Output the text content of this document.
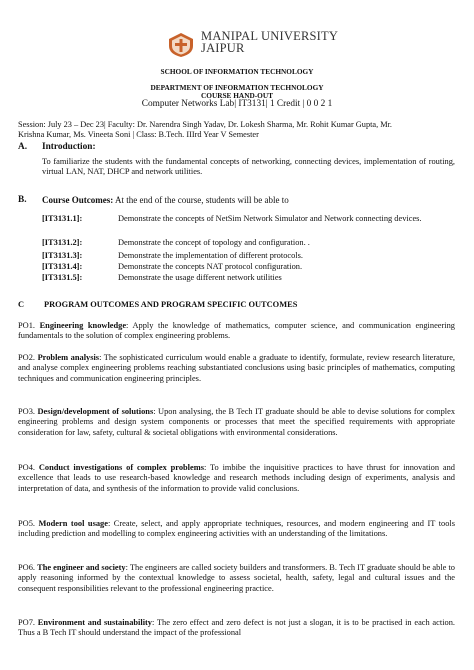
MANIPAL UNIVERSITY
JAIPUR
SCHOOL OF INFORMATION TECHNOLOGY
DEPARTMENT OF INFORMATION TECHNOLOGY
COURSE HAND-OUT
Computer Networks Lab| IT3131| 1 Credit | 0 0 2 1
Session: July 23 – Dec 23| Faculty: Dr. Narendra Singh Yadav, Dr. Lokesh Sharma, Mr. Rohit Kumar Gupta, Mr.
Krishna Kumar, Ms. Vineeta Soni | Class: B.Tech. IIIrd Year V Semester
A. Introduction:
To familiarize the students with the fundamental concepts of networking, connecting devices, implementation of routing, virtual LAN, NAT, DHCP and network utilities.
B. Course Outcomes: At the end of the course, students will be able to
[IT3131.1]:	Demonstrate the concepts of NetSim Network Simulator and Network connecting devices.
[IT3131.2]:	Demonstrate the concept of topology and configuration. .
[IT3131.3]:	Demonstrate the implementation of different protocols.
[IT3131.4]:	Demonstrate the concepts NAT protocol configuration.
[IT3131.5]:	Demonstrate the usage different network utilities
C PROGRAM OUTCOMES AND PROGRAM SPECIFIC OUTCOMES
PO1. Engineering knowledge: Apply the knowledge of mathematics, computer science, and communication engineering fundamentals to the solution of complex engineering problems.
PO2. Problem analysis: The sophisticated curriculum would enable a graduate to identify, formulate, review research literature, and analyse complex engineering problems reaching substantiated conclusions using basic principles of mathematics, computing techniques and communication engineering principles.
PO3. Design/development of solutions: Upon analysing, the B Tech IT graduate should be able to devise solutions for complex engineering problems and design system components or processes that meet the specified requirements with appropriate consideration for law, safety, cultural & societal obligations with environmental considerations.
PO4. Conduct investigations of complex problems: To imbibe the inquisitive practices to have thrust for innovation and excellence that leads to use research-based knowledge and research methods including design of experiments, analysis and interpretation of data, and synthesis of the information to provide valid conclusions.
PO5. Modern tool usage: Create, select, and apply appropriate techniques, resources, and modern engineering and IT tools including prediction and modelling to complex engineering activities with an understanding of the limitations.
PO6. The engineer and society: The engineers are called society builders and transformers. B. Tech IT graduate should be able to apply reasoning informed by the contextual knowledge to assess societal, health, safety, legal and cultural issues and the consequent responsibilities relevant to the professional engineering practice.
PO7. Environment and sustainability: The zero effect and zero defect is not just a slogan, it is to be practised in each action. Thus a B Tech IT should understand the impact of the professional
